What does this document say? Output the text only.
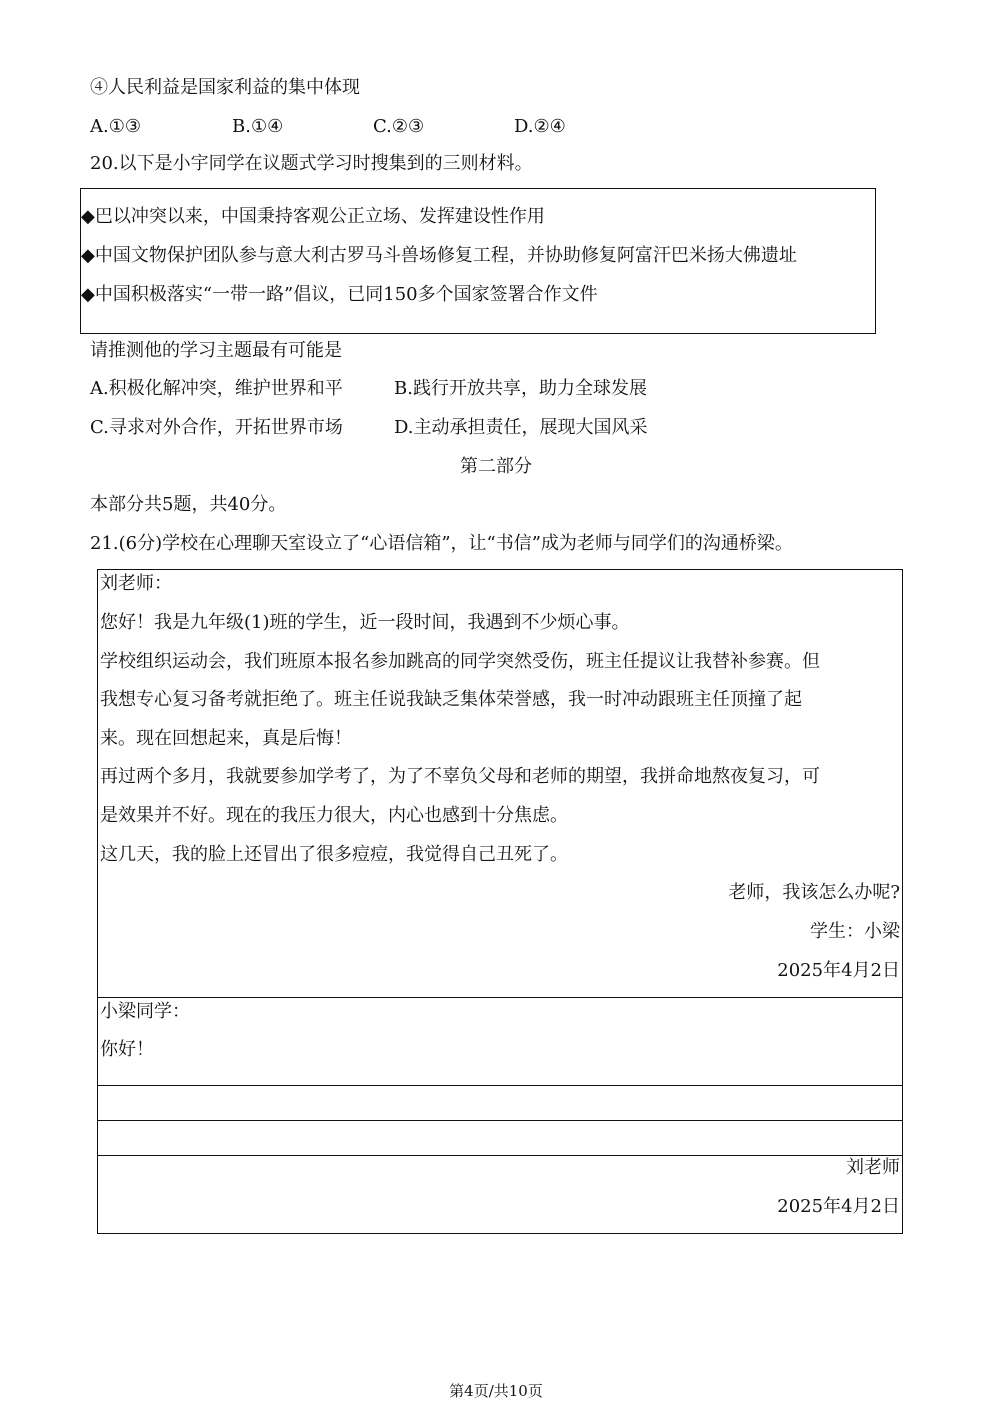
④人民利益是国家利益的集中体现
A.①③	B.①④	C.②③	D.②④
20.以下是小宇同学在议题式学习时搜集到的三则材料。
◆巴以冲突以来，中国秉持客观公正立场、发挥建设性作用
◆中国文物保护团队参与意大利古罗马斗兽场修复工程，并协助修复阿富汗巴米扬大佛遗址
◆中国积极落实“一带一路”倡议，已同150多个国家签署合作文件
请推测他的学习主题最有可能是
A.积极化解冲突，维护世界和平	B.践行开放共享，助力全球发展
C.寻求对外合作，开拓世界市场	D.主动承担责任，展现大国风采
第二部分
本部分共5题，共40分。
21.(6分)学校在心理聊天室设立了“心语信箱”，让“书信”成为老师与同学们的沟通桥梁。
刘老师：
您好！我是九年级(1)班的学生，近一段时间，我遇到不少烦心事。
学校组织运动会，我们班原本报名参加跳高的同学突然受伤，班主任提议让我替补参赛。但
我想专心复习备考就拒绝了。班主任说我缺乏集体荣誉感，我一时冲动跟班主任顶撞了起
来。现在回想起来，真是后悔！
再过两个多月，我就要参加学考了，为了不辜负父母和老师的期望，我拼命地熬夜复习，可
是效果并不好。现在的我压力很大，内心也感到十分焦虑。
这几天，我的脸上还冒出了很多痘痘，我觉得自己丑死了。
老师，我该怎么办呢?
学生：小梁
2025年4月2日
小梁同学：
你好！
刘老师
2025年4月2日
第4页/共10页
